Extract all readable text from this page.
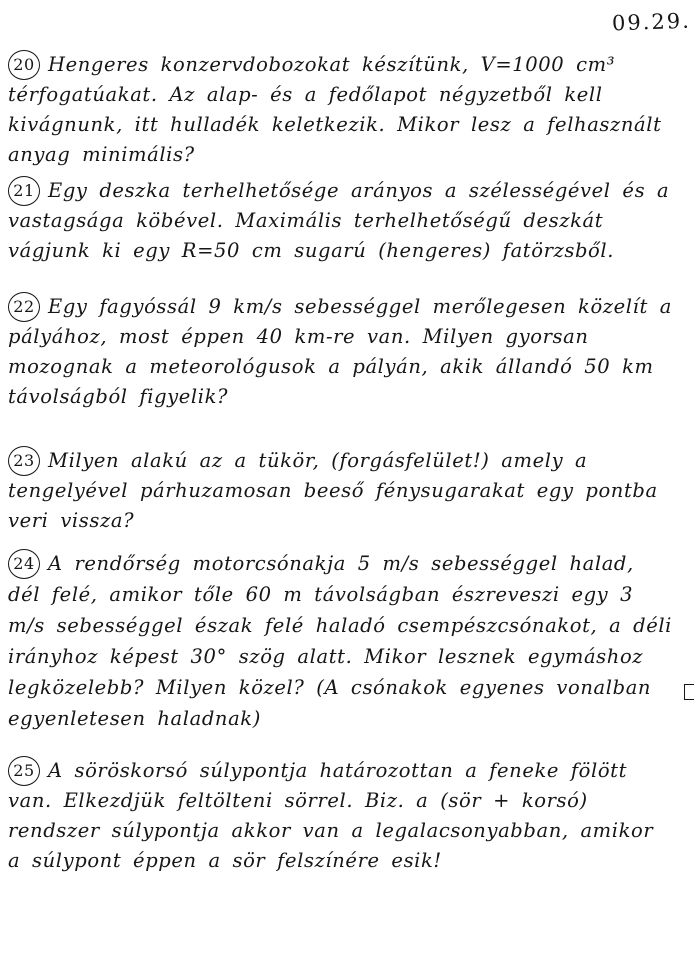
09.29.
20 Hengeres konzervdobozokat készítünk, V=1000 cm³ térfogatúakat. Az alap- és a fedőlapot négyzetből kell kivágnunk, itt hulladék keletkezik. Mikor lesz a felhasznált anyag minimális?
21 Egy deszka terhelhetősége arányos a szélességével és a vastagsága köbével. Maximális terhelhetőségű deszkát vágjunk ki egy R=50 cm sugarú (hengeres) fatörzsből.
22 Egy fagyóssál 9 km/s sebességgel merőlegesen közelít a pályához, most éppen 40 km-re van. Milyen gyorsan mozognak a meteorológusok a pályán, akik állandó 50 km távolságból figyelik?
23 Milyen alakú az a tükör, (forgásfelület!) amely a tengelyével párhuzamosan beeső fénysugarakat egy pontba veri vissza?
24 A rendőrség motorcsónakja 5 m/s sebességgel halad, dél felé, amikor tőle 60 m távolságban észreveszi egy 3 m/s sebességgel észak felé haladó csempészcsónakot, a déli irányhoz képest 30° szög alatt. Mikor lesznek egymáshoz legközelebb? Milyen közel? (A csónakok egyenes vonalban egyenletesen haladnak)
25 A söröskorsó súlypontja határozottan a feneke fölött van. Elkezdjük feltölteni sörrel. Biz. a (sör + korsó) rendszer súlypontja akkor van a legalacsonyabban, amikor a súlypont éppen a sör felszínére esik!
